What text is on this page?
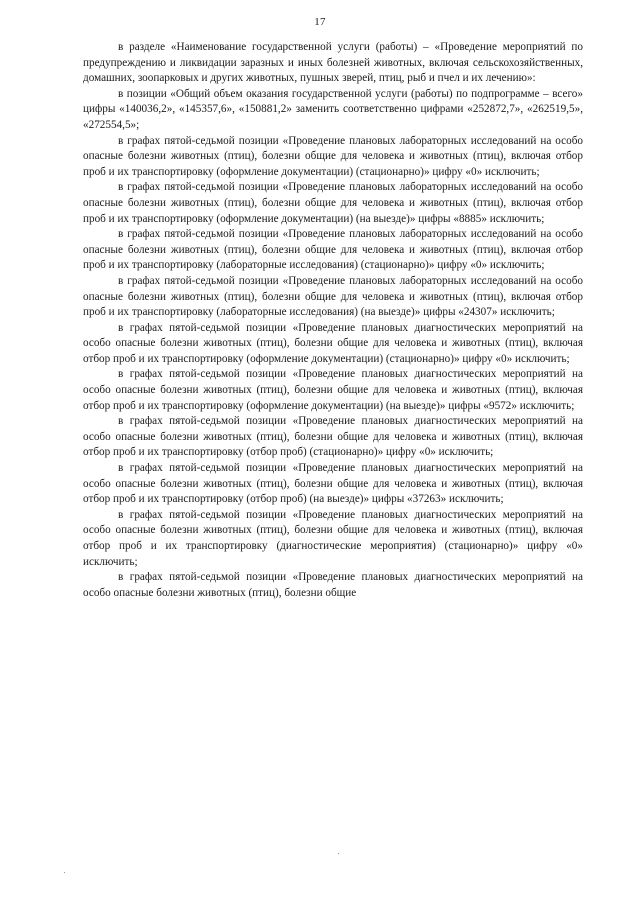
17

в разделе «Наименование государственной услуги (работы) – «Проведение мероприятий по предупреждению и ликвидации заразных и иных болезней животных, включая сельскохозяйственных, домашних, зоопарковых и других животных, пушных зверей, птиц, рыб и пчел и их лечению»:

в позиции «Общий объем оказания государственной услуги (работы) по подпрограмме – всего» цифры «140036,2», «145357,6», «150881,2» заменить соответственно цифрами «252872,7», «262519,5», «272554,5»;

в графах пятой-седьмой позиции «Проведение плановых лабораторных исследований на особо опасные болезни животных (птиц), болезни общие для человека и животных (птиц), включая отбор проб и их транспортировку (оформление документации) (стационарно)» цифру «0» исключить;

в графах пятой-седьмой позиции «Проведение плановых лабораторных исследований на особо опасные болезни животных (птиц), болезни общие для человека и животных (птиц), включая отбор проб и их транспортировку (оформление документации) (на выезде)» цифры «8885» исключить;

в графах пятой-седьмой позиции «Проведение плановых лабораторных исследований на особо опасные болезни животных (птиц), болезни общие для человека и животных (птиц), включая отбор проб и их транспортировку (лабораторные исследования) (стационарно)» цифру «0» исключить;

в графах пятой-седьмой позиции «Проведение плановых лабораторных исследований на особо опасные болезни животных (птиц), болезни общие для человека и животных (птиц), включая отбор проб и их транспортировку (лабораторные исследования) (на выезде)» цифры «24307» исключить;

в графах пятой-седьмой позиции «Проведение плановых диагностических мероприятий на особо опасные болезни животных (птиц), болезни общие для человека и животных (птиц), включая отбор проб и их транспортировку (оформление документации) (стационарно)» цифру «0» исключить;

в графах пятой-седьмой позиции «Проведение плановых диагностических мероприятий на особо опасные болезни животных (птиц), болезни общие для человека и животных (птиц), включая отбор проб и их транспортировку (оформление документации) (на выезде)» цифры «9572» исключить;

в графах пятой-седьмой позиции «Проведение плановых диагностических мероприятий на особо опасные болезни животных (птиц), болезни общие для человека и животных (птиц), включая отбор проб и их транспортировку (отбор проб) (стационарно)» цифру «0» исключить;

в графах пятой-седьмой позиции «Проведение плановых диагностических мероприятий на особо опасные болезни животных (птиц), болезни общие для человека и животных (птиц), включая отбор проб и их транспортировку (отбор проб) (на выезде)» цифры «37263» исключить;

в графах пятой-седьмой позиции «Проведение плановых диагностических мероприятий на особо опасные болезни животных (птиц), болезни общие для человека и животных (птиц), включая отбор проб и их транспортировку (диагностические мероприятия) (стационарно)» цифру «0» исключить;

в графах пятой-седьмой позиции «Проведение плановых диагностических мероприятий на особо опасные болезни животных (птиц), болезни общие
